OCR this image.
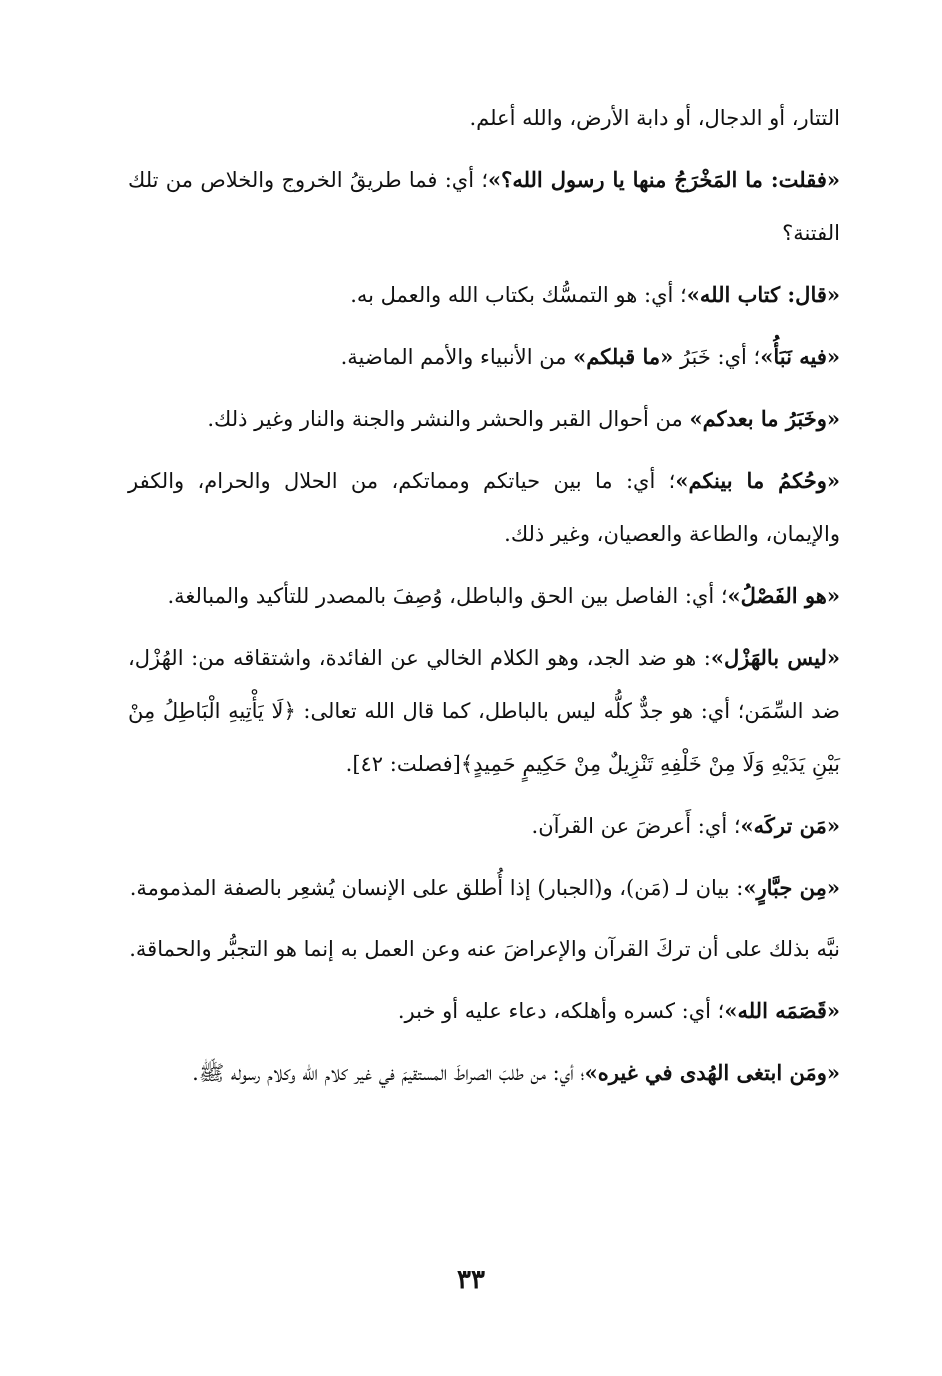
التتار، أو الدجال، أو دابة الأرض، والله أعلم.

«فقلت: ما المَخْرَجُ منها يا رسول الله؟»؛ أي: فما طريقُ الخروج والخلاص من تلك الفتنة؟

«قال: كتاب الله»؛ أي: هو التمسُّك بكتاب الله والعمل به.

«فيه نَبَأُ»؛ أي: خَبَرُ «ما قبلكم» من الأنبياء والأمم الماضية.

«وخَبَرُ ما بعدكم» من أحوال القبر والحشر والنشر والجنة والنار وغير ذلك.

«وحُكمُ ما بينكم»؛ أي: ما بين حياتكم ومماتكم، من الحلال والحرام، والكفر والإيمان، والطاعة والعصيان، وغير ذلك.

«هو الفَصْلُ»؛ أي: الفاصل بين الحق والباطل، وُصِفَ بالمصدر للتأكيد والمبالغة.

«ليس بالهَزْل»: هو ضد الجد، وهو الكلام الخالي عن الفائدة، واشتقاقه من: الهُزْل، ضد السِّمَن؛ أي: هو جدٌّ كلُّه ليس بالباطل، كما قال الله تعالى: ﴿لَا يَأْتِيهِ الْبَاطِلُ مِنْ بَيْنِ يَدَيْهِ وَلَا مِنْ خَلْفِهِ تَنْزِيلٌ مِنْ حَكِيمٍ حَمِيدٍ﴾[فصلت: ٤٢].

«مَن تركَه»؛ أي: أَعرضَ عن القرآن.

«مِن جبَّارٍ»: بيان لـ (مَن)، و(الجبار) إذا أُطلق على الإنسان يُشعِر بالصفة المذمومة.

نبَّه بذلك على أن تركَ القرآن والإعراضَ عنه وعن العمل به إنما هو التجبُّر والحماقة.

«قَصَمَه الله»؛ أي: كسره وأهلكه، دعاء عليه أو خبر.

«ومَن ابتغى الهُدى في غيره»؛ أي: من طلبَ الصراطَ المستقيمَ في غير كلام الله وكلام رسوله ﷺ.

٣٣
